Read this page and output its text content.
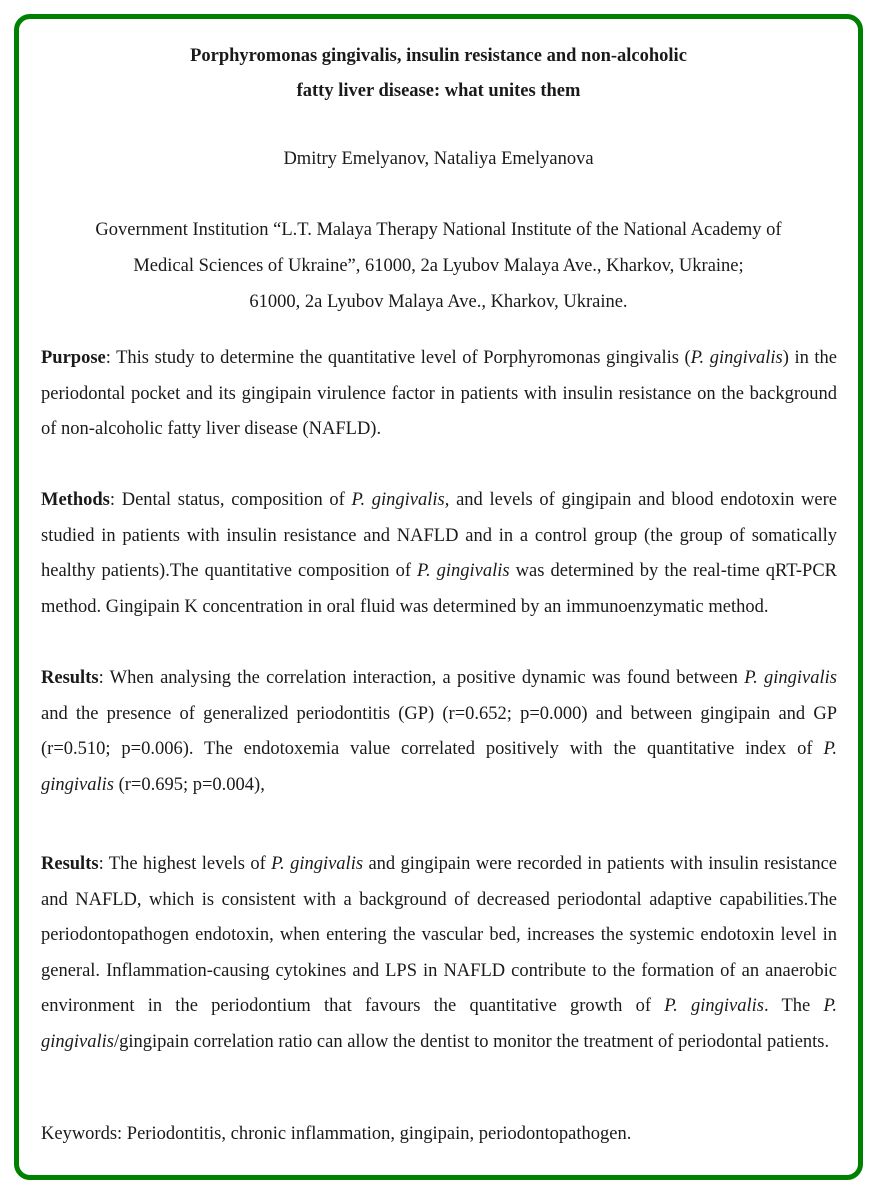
Porphyromonas gingivalis, insulin resistance and non-alcoholic
fatty liver disease: what unites them

Dmitry Emelyanov, Nataliya Emelyanova

Government Institution “L.T. Malaya Therapy National Institute of the National Academy of
Medical Sciences of Ukraine”, 61000, 2a Lyubov Malaya Ave., Kharkov, Ukraine;
61000, 2a Lyubov Malaya Ave., Kharkov, Ukraine.

Purpose: This study to determine the quantitative level of Porphyromonas gingivalis (P. gingivalis) in the periodontal pocket and its gingipain virulence factor in patients with insulin resistance on the background of non-alcoholic fatty liver disease (NAFLD).

Methods: Dental status, composition of P. gingivalis, and levels of gingipain and blood endotoxin were studied in patients with insulin resistance and NAFLD and in a control group (the group of somatically healthy patients).The quantitative composition of P. gingivalis was determined by the real-time qRT-PCR method. Gingipain K concentration in oral fluid was determined by an immunoenzymatic method.

Results: When analysing the correlation interaction, a positive dynamic was found between P. gingivalis and the presence of generalized periodontitis (GP) (r=0.652; p=0.000) and between gingipain and GP (r=0.510; p=0.006). The endotoxemia value correlated positively with the quantitative index of P. gingivalis (r=0.695; p=0.004),

Results: The highest levels of P. gingivalis and gingipain were recorded in patients with insulin resistance and NAFLD, which is consistent with a background of decreased periodontal adaptive capabilities.The periodontopathogen endotoxin, when entering the vascular bed, increases the systemic endotoxin level in general. Inflammation-causing cytokines and LPS in NAFLD contribute to the formation of an anaerobic environment in the periodontium that favours the quantitative growth of P. gingivalis. The P. gingivalis/gingipain correlation ratio can allow the dentist to monitor the treatment of periodontal patients.

Keywords: Periodontitis, chronic inflammation, gingipain, periodontopathogen.
